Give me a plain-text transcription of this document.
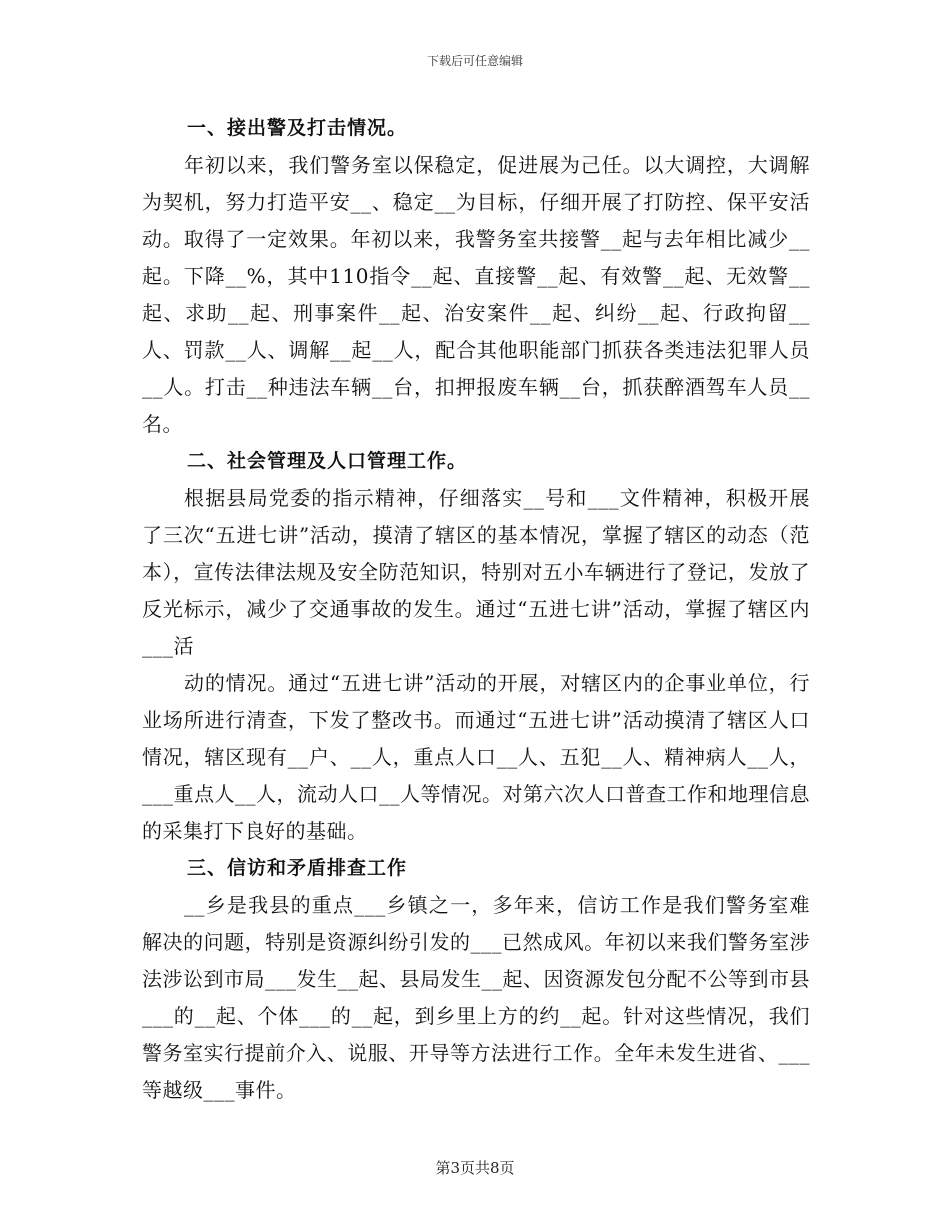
下载后可任意编辑

一、接出警及打击情况。

年初以来，我们警务室以保稳定，促进展为己任。以大调控，大调解为契机，努力打造平安__、稳定__为目标，仔细开展了打防控、保平安活动。取得了一定效果。年初以来，我警务室共接警__起与去年相比减少__起。下降__%，其中110指令__起、直接警__起、有效警__起、无效警__起、求助__起、刑事案件__起、治安案件__起、纠纷__起、行政拘留__人、罚款__人、调解__起__人，配合其他职能部门抓获各类违法犯罪人员__人。打击__种违法车辆__台，扣押报废车辆__台，抓获醉酒驾车人员__名。

二、社会管理及人口管理工作。

根据县局党委的指示精神，仔细落实__号和___文件精神，积极开展了三次“五进七讲”活动，摸清了辖区的基本情况，掌握了辖区的动态（范本），宣传法律法规及安全防范知识，特别对五小车辆进行了登记，发放了反光标示，减少了交通事故的发生。通过“五进七讲”活动，掌握了辖区内___活

动的情况。通过“五进七讲”活动的开展，对辖区内的企事业单位，行业场所进行清查，下发了整改书。而通过“五进七讲”活动摸清了辖区人口情况，辖区现有__户、__人，重点人口__人、五犯__人、精神病人__人，___重点人__人，流动人口__人等情况。对第六次人口普查工作和地理信息的采集打下良好的基础。

三、信访和矛盾排查工作

__乡是我县的重点___乡镇之一，多年来，信访工作是我们警务室难解决的问题，特别是资源纠纷引发的___已然成风。年初以来我们警务室涉法涉讼到市局___发生__起、县局发生__起、因资源发包分配不公等到市县___的__起、个体___的__起，到乡里上方的约__起。针对这些情况，我们警务室实行提前介入、说服、开导等方法进行工作。全年未发生进省、___等越级___事件。

第3页共8页
